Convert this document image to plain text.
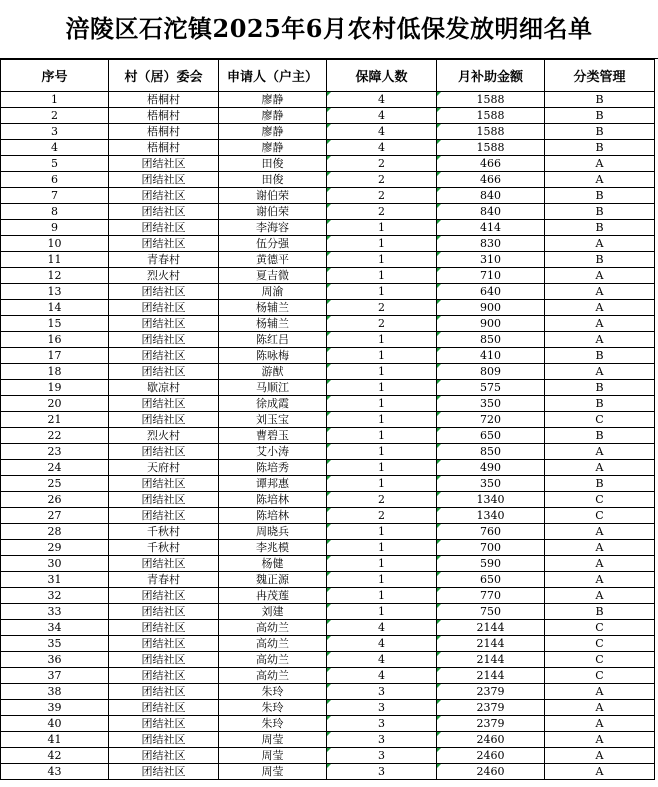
涪陵区石沱镇2025年6月农村低保发放明细名单
序号	村（居）委会	申请人（户主）	保障人数	月补助金额	分类管理
1	梧桐村	廖静	4	1588	B
2	梧桐村	廖静	4	1588	B
3	梧桐村	廖静	4	1588	B
4	梧桐村	廖静	4	1588	B
5	团结社区	田俊	2	466	A
6	团结社区	田俊	2	466	A
7	团结社区	谢伯荣	2	840	B
8	团结社区	谢伯荣	2	840	B
9	团结社区	李海容	1	414	B
10	团结社区	伍分强	1	830	A
11	青春村	黄德平	1	310	B
12	烈火村	夏吉微	1	710	A
13	团结社区	周渝	1	640	A
14	团结社区	杨辅兰	2	900	A
15	团结社区	杨辅兰	2	900	A
16	团结社区	陈红吕	1	850	A
17	团结社区	陈咏梅	1	410	B
18	团结社区	游猷	1	809	A
19	歇凉村	马顺江	1	575	B
20	团结社区	徐成霞	1	350	B
21	团结社区	刘玉宝	1	720	C
22	烈火村	曹碧玉	1	650	B
23	团结社区	艾小涛	1	850	A
24	天府村	陈培秀	1	490	A
25	团结社区	谭邦惠	1	350	B
26	团结社区	陈培林	2	1340	C
27	团结社区	陈培林	2	1340	C
28	千秋村	周晓兵	1	760	A
29	千秋村	李兆模	1	700	A
30	团结社区	杨健	1	590	A
31	青春村	魏正源	1	650	A
32	团结社区	冉茂莲	1	770	A
33	团结社区	刘建	1	750	B
34	团结社区	高幼兰	4	2144	C
35	团结社区	高幼兰	4	2144	C
36	团结社区	高幼兰	4	2144	C
37	团结社区	高幼兰	4	2144	C
38	团结社区	朱玲	3	2379	A
39	团结社区	朱玲	3	2379	A
40	团结社区	朱玲	3	2379	A
41	团结社区	周莹	3	2460	A
42	团结社区	周莹	3	2460	A
43	团结社区	周莹	3	2460	A
